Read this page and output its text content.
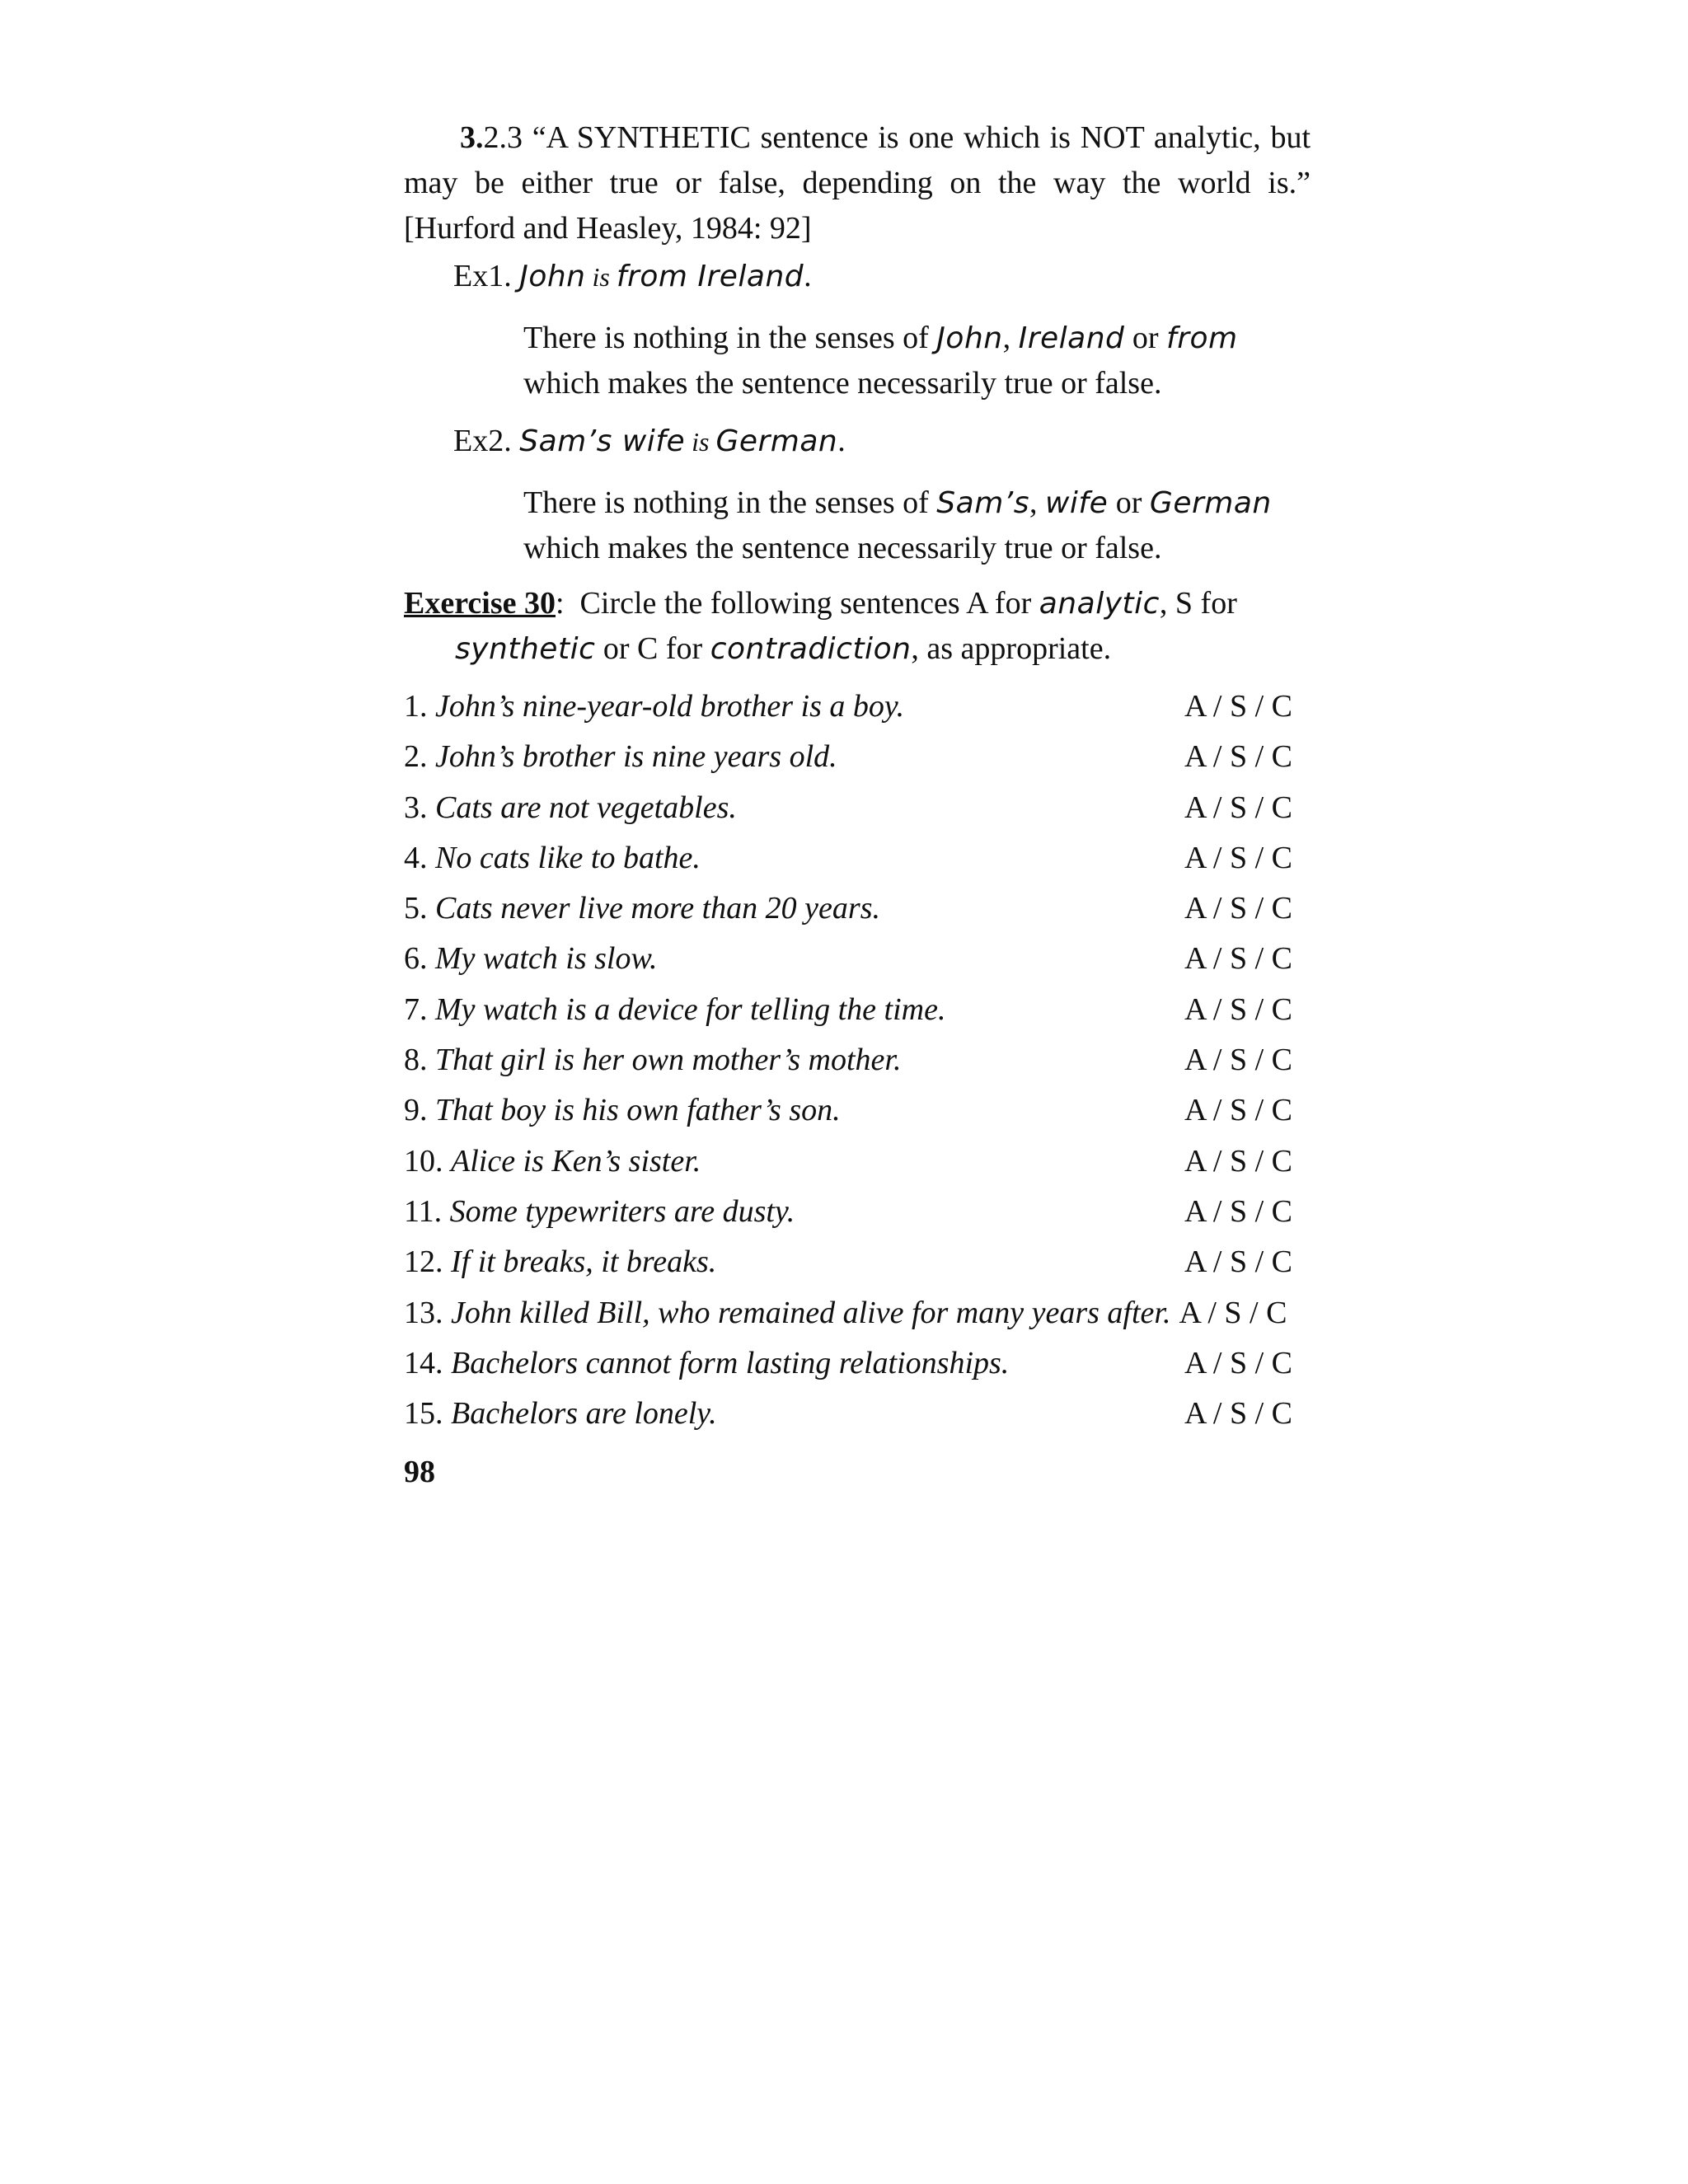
3.2.3 “A SYNTHETIC sentence is one which is NOT analytic, but may be either true or false, depending on the way the world is.” [Hurford and Heasley, 1984: 92]

Ex1. John is from Ireland.
There is nothing in the senses of John, Ireland or from
which makes the sentence necessarily true or false.
Ex2. Sam’s wife is German.
There is nothing in the senses of Sam’s, wife or German
which makes the sentence necessarily true or false.
Exercise 30: Circle the following sentences A for analytic, S for
synthetic or C for contradiction, as appropriate.
1. John’s nine-year-old brother is a boy.	A / S / C
2. John’s brother is nine years old.	A / S / C
3. Cats are not vegetables.	A / S / C
4. No cats like to bathe.	A / S / C
5. Cats never live more than 20 years.	A / S / C
6. My watch is slow.	A / S / C
7. My watch is a device for telling the time.	A / S / C
8. That girl is her own mother’s mother.	A / S / C
9. That boy is his own father’s son.	A / S / C
10. Alice is Ken’s sister.	A / S / C
11. Some typewriters are dusty.	A / S / C
12. If it breaks, it breaks.	A / S / C
13. John killed Bill, who remained alive for many years after. A / S / C
14. Bachelors cannot form lasting relationships.	A / S / C
15. Bachelors are lonely.	A / S / C
98
